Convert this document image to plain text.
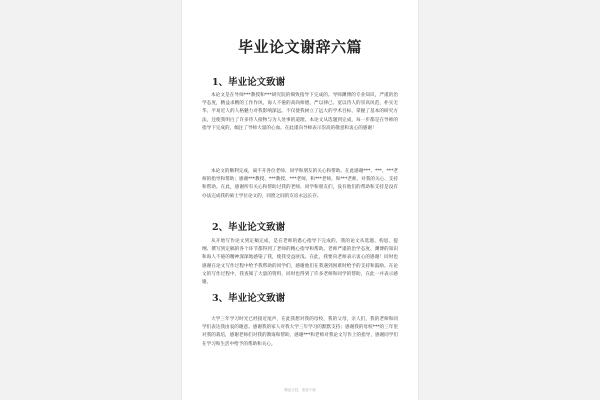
毕业论文谢辞六篇
1、毕业论文致谢
本论文是在导师***教授和***研究院的细致指导下完成的。导师渊博的专业知识，严谨的治学态度，精益求精的工作作风，诲人不倦的高尚师德，严以律己、宽以待人的崇高风范，朴实无华、平易近人的人格魅力对我影响深远。不仅使我树立了远大的学术目标，掌握了基本的研究方法，还使我明白了许多待人接物与为人处事的道理。本论文从选题到完成，每一步都是在导师的指导下完成的，倾注了导师大量的心血。在此谨向导师表示崇高的敬意和衷心的感谢！
本论文的顺利完成，离不开各位老师、同学和朋友的关心和帮助。在此感谢***、***、***老师的指导和帮助；感谢***教授、***教授、***老师，和***老师，和***老师，对我的关心、支持和帮助。在此，感谢所有关心和帮助过我的老师、同学和朋友们，没有他们的帮助和支持是没有办法完成我的硕士学位论文的，同窗之间的友谊永远长存。
2、毕业论文致谢
从开始写作论文到定稿完成，是在老师的悉心指导下完成的，我的论文从选题、构思、提纲、撰写到定稿的各个环节都得到了老师的精心指导和帮助。老师严谨的治学态度、渊博的知识和诲人不倦的精神深深地感染了我，使我受益匪浅。在此，我要向老师表示衷心的感谢！同时也感谢在论文写作过程中给予我帮助的同学们，感谢他们在我遇到困难时给予的支持和鼓励。在论文的写作过程中，我查阅了大量的资料，同时也得到了许多老师和同学的帮助，在此一并表示感谢。
3、毕业论文致谢
大学三年学习时光已经接近尾声，在此我想对我的母校，我的父母，亲人们，我的老师和同学们表达我由衷的谢意。感谢我的家人对我大学三年学习的默默支持；感谢我的母校***的三年里对我的栽培，感谢老师们对我的教诲和帮助，感谢***和老师对我论文写作上的指导，感谢同学们在学习和生活中给予的帮助和关心。
精品文档，欢迎下载
